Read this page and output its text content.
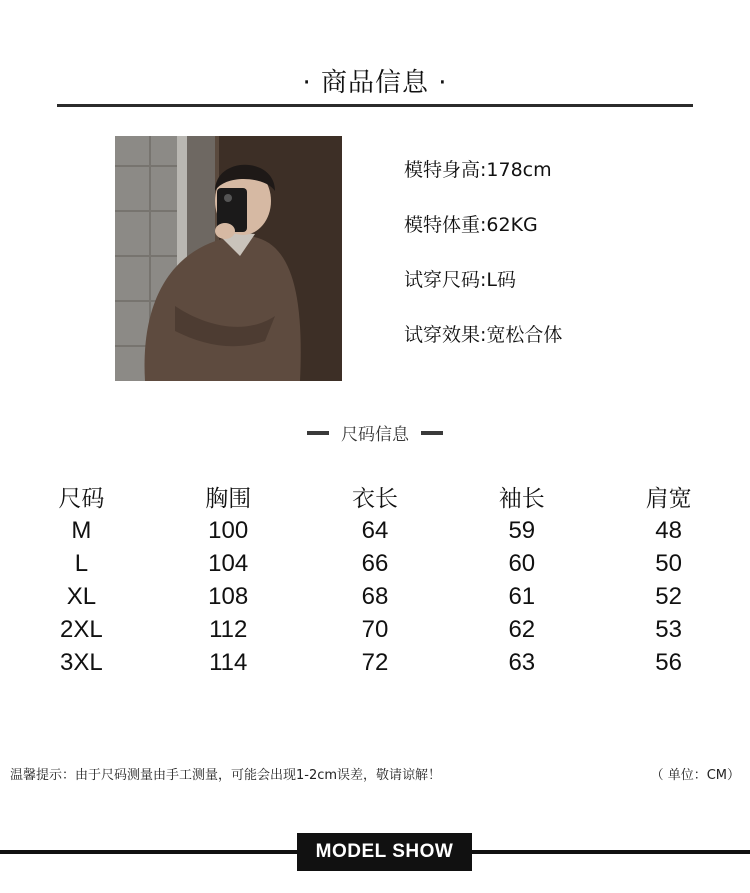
· 商品信息 ·
模特身高:178cm
模特体重:62KG
试穿尺码:L码
试穿效果:宽松合体
尺码信息
尺码	胸围	衣长	袖长	肩宽
M	100	64	59	48
L	104	66	60	50
XL	108	68	61	52
2XL	112	70	62	53
3XL	114	72	63	56
温馨提示：由于尺码测量由手工测量，可能会出现1-2cm误差，敬请谅解！	（ 单位：CM）
MODEL SHOW
